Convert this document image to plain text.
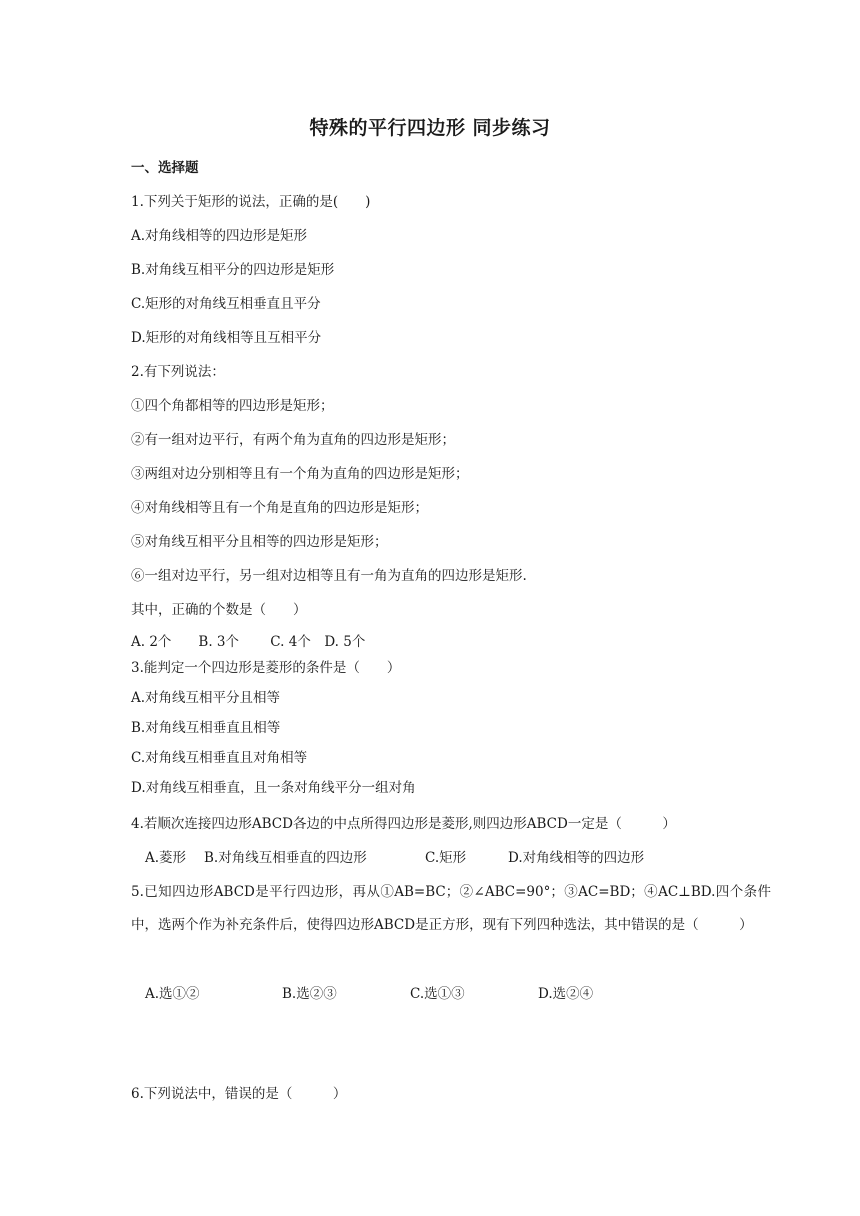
特殊的平行四边形 同步练习
一、选择题
1.下列关于矩形的说法，正确的是(　　)
A.对角线相等的四边形是矩形
B.对角线互相平分的四边形是矩形
C.矩形的对角线互相垂直且平分
D.矩形的对角线相等且互相平分
2.有下列说法：
①四个角都相等的四边形是矩形；
②有一组对边平行，有两个角为直角的四边形是矩形；
③两组对边分别相等且有一个角为直角的四边形是矩形；
④对角线相等且有一个角是直角的四边形是矩形；
⑤对角线互相平分且相等的四边形是矩形；
⑥一组对边平行，另一组对边相等且有一角为直角的四边形是矩形.
其中，正确的个数是（　　）
A. 2个　　B. 3个　　 C. 4个　D. 5个
3.能判定一个四边形是菱形的条件是（　　）
A.对角线互相平分且相等
B.对角线互相垂直且相等
C.对角线互相垂直且对角相等
D.对角线互相垂直，且一条对角线平分一组对角
4.若顺次连接四边形ABCD各边的中点所得四边形是菱形,则四边形ABCD一定是（　　　）
A.菱形 B.对角线互相垂直的四边形	C.矩形	D.对角线相等的四边形
5.已知四边形ABCD是平行四边形，再从①AB=BC；②∠ABC=90°；③AC=BD；④AC⊥BD.四个条件中，选两个作为补充条件后，使得四边形ABCD是正方形，现有下列四种选法，其中错误的是（　　　）
A.选①②	B.选②③	C.选①③	D.选②④
6.下列说法中，错误的是（　　　）
